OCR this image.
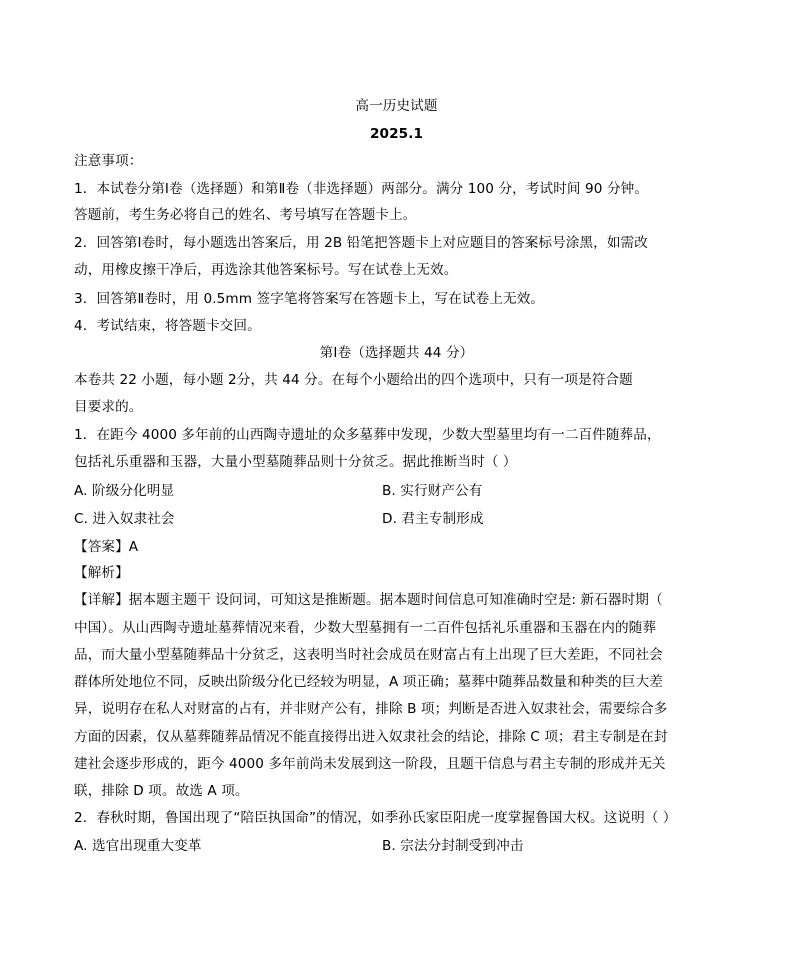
高一历史试题
2025.1
注意事项：
1．本试卷分第Ⅰ卷（选择题）和第Ⅱ卷（非选择题）两部分。满分 100 分，考试时间 90 分钟。
答题前，考生务必将自己的姓名、考号填写在答题卡上。
2．回答第Ⅰ卷时，每小题选出答案后，用 2B 铅笔把答题卡上对应题目的答案标号涂黑，如需改
动，用橡皮擦干净后，再选涂其他答案标号。写在试卷上无效。
3．回答第Ⅱ卷时，用 0.5mm 签字笔将答案写在答题卡上，写在试卷上无效。
4．考试结束，将答题卡交回。
第Ⅰ卷（选择题共 44 分）
本卷共 22 小题，每小题 2分，共 44 分。在每个小题给出的四个选项中，只有一项是符合题
目要求的。
1．在距今 4000 多年前的山西陶寺遗址的众多墓葬中发现，少数大型墓里均有一二百件随葬品，
包括礼乐重器和玉器，大量小型墓随葬品则十分贫乏。据此推断当时（ ）
A. 阶级分化明显	B. 实行财产公有
C. 进入奴隶社会	D. 君主专制形成
【答案】A
【解析】
【详解】据本题主题干 设问词，可知这是推断题。据本题时间信息可知准确时空是: 新石器时期（
中国）。从山西陶寺遗址墓葬情况来看，少数大型墓拥有一二百件包括礼乐重器和玉器在内的随葬
品，而大量小型墓随葬品十分贫乏，这表明当时社会成员在财富占有上出现了巨大差距，不同社会
群体所处地位不同，反映出阶级分化已经较为明显，A 项正确；墓葬中随葬品数量和种类的巨大差
异，说明存在私人对财富的占有，并非财产公有，排除 B 项；判断是否进入奴隶社会，需要综合多
方面的因素，仅从墓葬随葬品情况不能直接得出进入奴隶社会的结论，排除 C 项；君主专制是在封
建社会逐步形成的，距今 4000 多年前尚未发展到这一阶段，且题干信息与君主专制的形成并无关
联，排除 D 项。故选 A 项。
2．春秋时期，鲁国出现了“陪臣执国命”的情况，如季孙氏家臣阳虎一度掌握鲁国大权。这说明（ ）
A. 选官出现重大变革	B. 宗法分封制受到冲击
